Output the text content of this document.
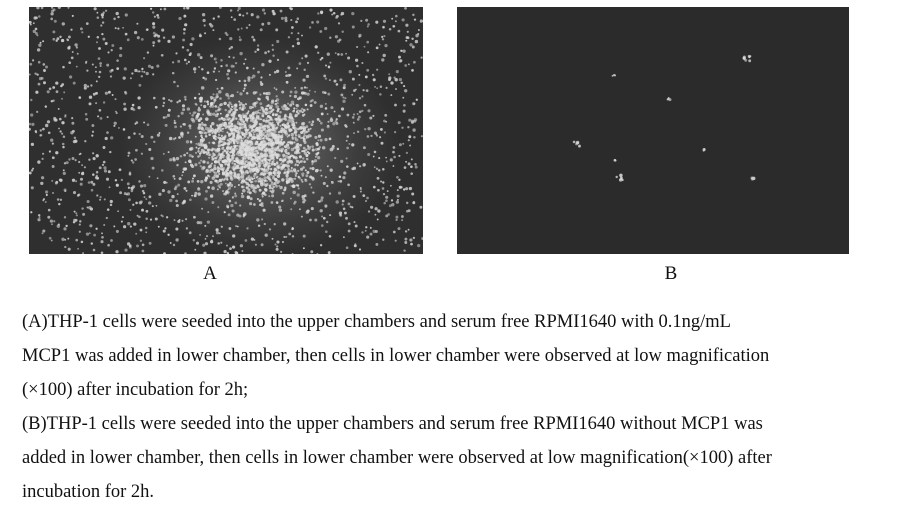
A	B

(A)THP-1 cells were seeded into the upper chambers and serum free RPMI1640 with 0.1ng/mL

MCP1 was added in lower chamber, then cells in lower chamber were observed at low magnification

(×100) after incubation for 2h;

(B)THP-1 cells were seeded into the upper chambers and serum free RPMI1640 without MCP1 was

added in lower chamber, then cells in lower chamber were observed at low magnification(×100) after

incubation for 2h.
